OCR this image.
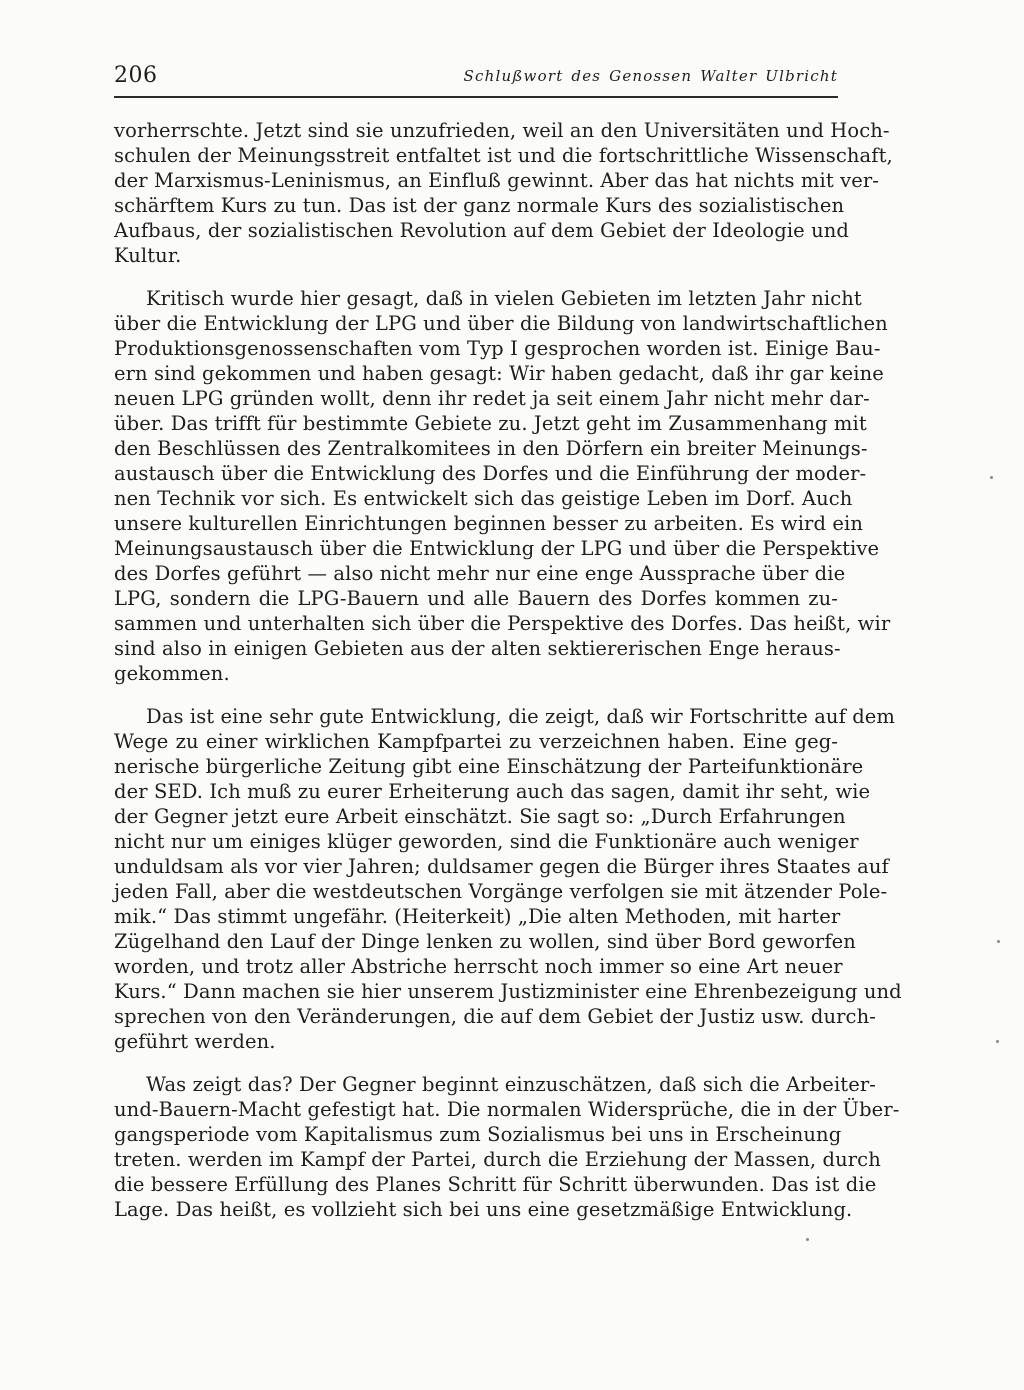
206	Schlußwort des Genossen Walter Ulbricht

vorherrschte. Jetzt sind sie unzufrieden, weil an den Universitäten und Hoch-
schulen der Meinungsstreit entfaltet ist und die fortschrittliche Wissenschaft,
der Marxismus-Leninismus, an Einfluß gewinnt. Aber das hat nichts mit ver-
schärftem Kurs zu tun. Das ist der ganz normale Kurs des sozialistischen
Aufbaus, der sozialistischen Revolution auf dem Gebiet der Ideologie und
Kultur.

Kritisch wurde hier gesagt, daß in vielen Gebieten im letzten Jahr nicht
über die Entwicklung der LPG und über die Bildung von landwirtschaftlichen
Produktionsgenossenschaften vom Typ I gesprochen worden ist. Einige Bau-
ern sind gekommen und haben gesagt: Wir haben gedacht, daß ihr gar keine
neuen LPG gründen wollt, denn ihr redet ja seit einem Jahr nicht mehr dar-
über. Das trifft für bestimmte Gebiete zu. Jetzt geht im Zusammenhang mit
den Beschlüssen des Zentralkomitees in den Dörfern ein breiter Meinungs-
austausch über die Entwicklung des Dorfes und die Einführung der moder-
nen Technik vor sich. Es entwickelt sich das geistige Leben im Dorf. Auch
unsere kulturellen Einrichtungen beginnen besser zu arbeiten. Es wird ein
Meinungsaustausch über die Entwicklung der LPG und über die Perspektive
des Dorfes geführt — also nicht mehr nur eine enge Aussprache über die
LPG, sondern die LPG-Bauern und alle Bauern des Dorfes kommen zu-
sammen und unterhalten sich über die Perspektive des Dorfes. Das heißt, wir
sind also in einigen Gebieten aus der alten sektiererischen Enge heraus-
gekommen.

Das ist eine sehr gute Entwicklung, die zeigt, daß wir Fortschritte auf dem
Wege zu einer wirklichen Kampfpartei zu verzeichnen haben. Eine geg-
nerische bürgerliche Zeitung gibt eine Einschätzung der Parteifunktionäre
der SED. Ich muß zu eurer Erheiterung auch das sagen, damit ihr seht, wie
der Gegner jetzt eure Arbeit einschätzt. Sie sagt so: „Durch Erfahrungen
nicht nur um einiges klüger geworden, sind die Funktionäre auch weniger
unduldsam als vor vier Jahren; duldsamer gegen die Bürger ihres Staates auf
jeden Fall, aber die westdeutschen Vorgänge verfolgen sie mit ätzender Pole-
mik.“ Das stimmt ungefähr. (Heiterkeit) „Die alten Methoden, mit harter
Zügelhand den Lauf der Dinge lenken zu wollen, sind über Bord geworfen
worden, und trotz aller Abstriche herrscht noch immer so eine Art neuer
Kurs.“ Dann machen sie hier unserem Justizminister eine Ehrenbezeigung und
sprechen von den Veränderungen, die auf dem Gebiet der Justiz usw. durch-
geführt werden.

Was zeigt das? Der Gegner beginnt einzuschätzen, daß sich die Arbeiter-
und-Bauern-Macht gefestigt hat. Die normalen Widersprüche, die in der Über-
gangsperiode vom Kapitalismus zum Sozialismus bei uns in Erscheinung
treten. werden im Kampf der Partei, durch die Erziehung der Massen, durch
die bessere Erfüllung des Planes Schritt für Schritt überwunden. Das ist die
Lage. Das heißt, es vollzieht sich bei uns eine gesetzmäßige Entwicklung.
